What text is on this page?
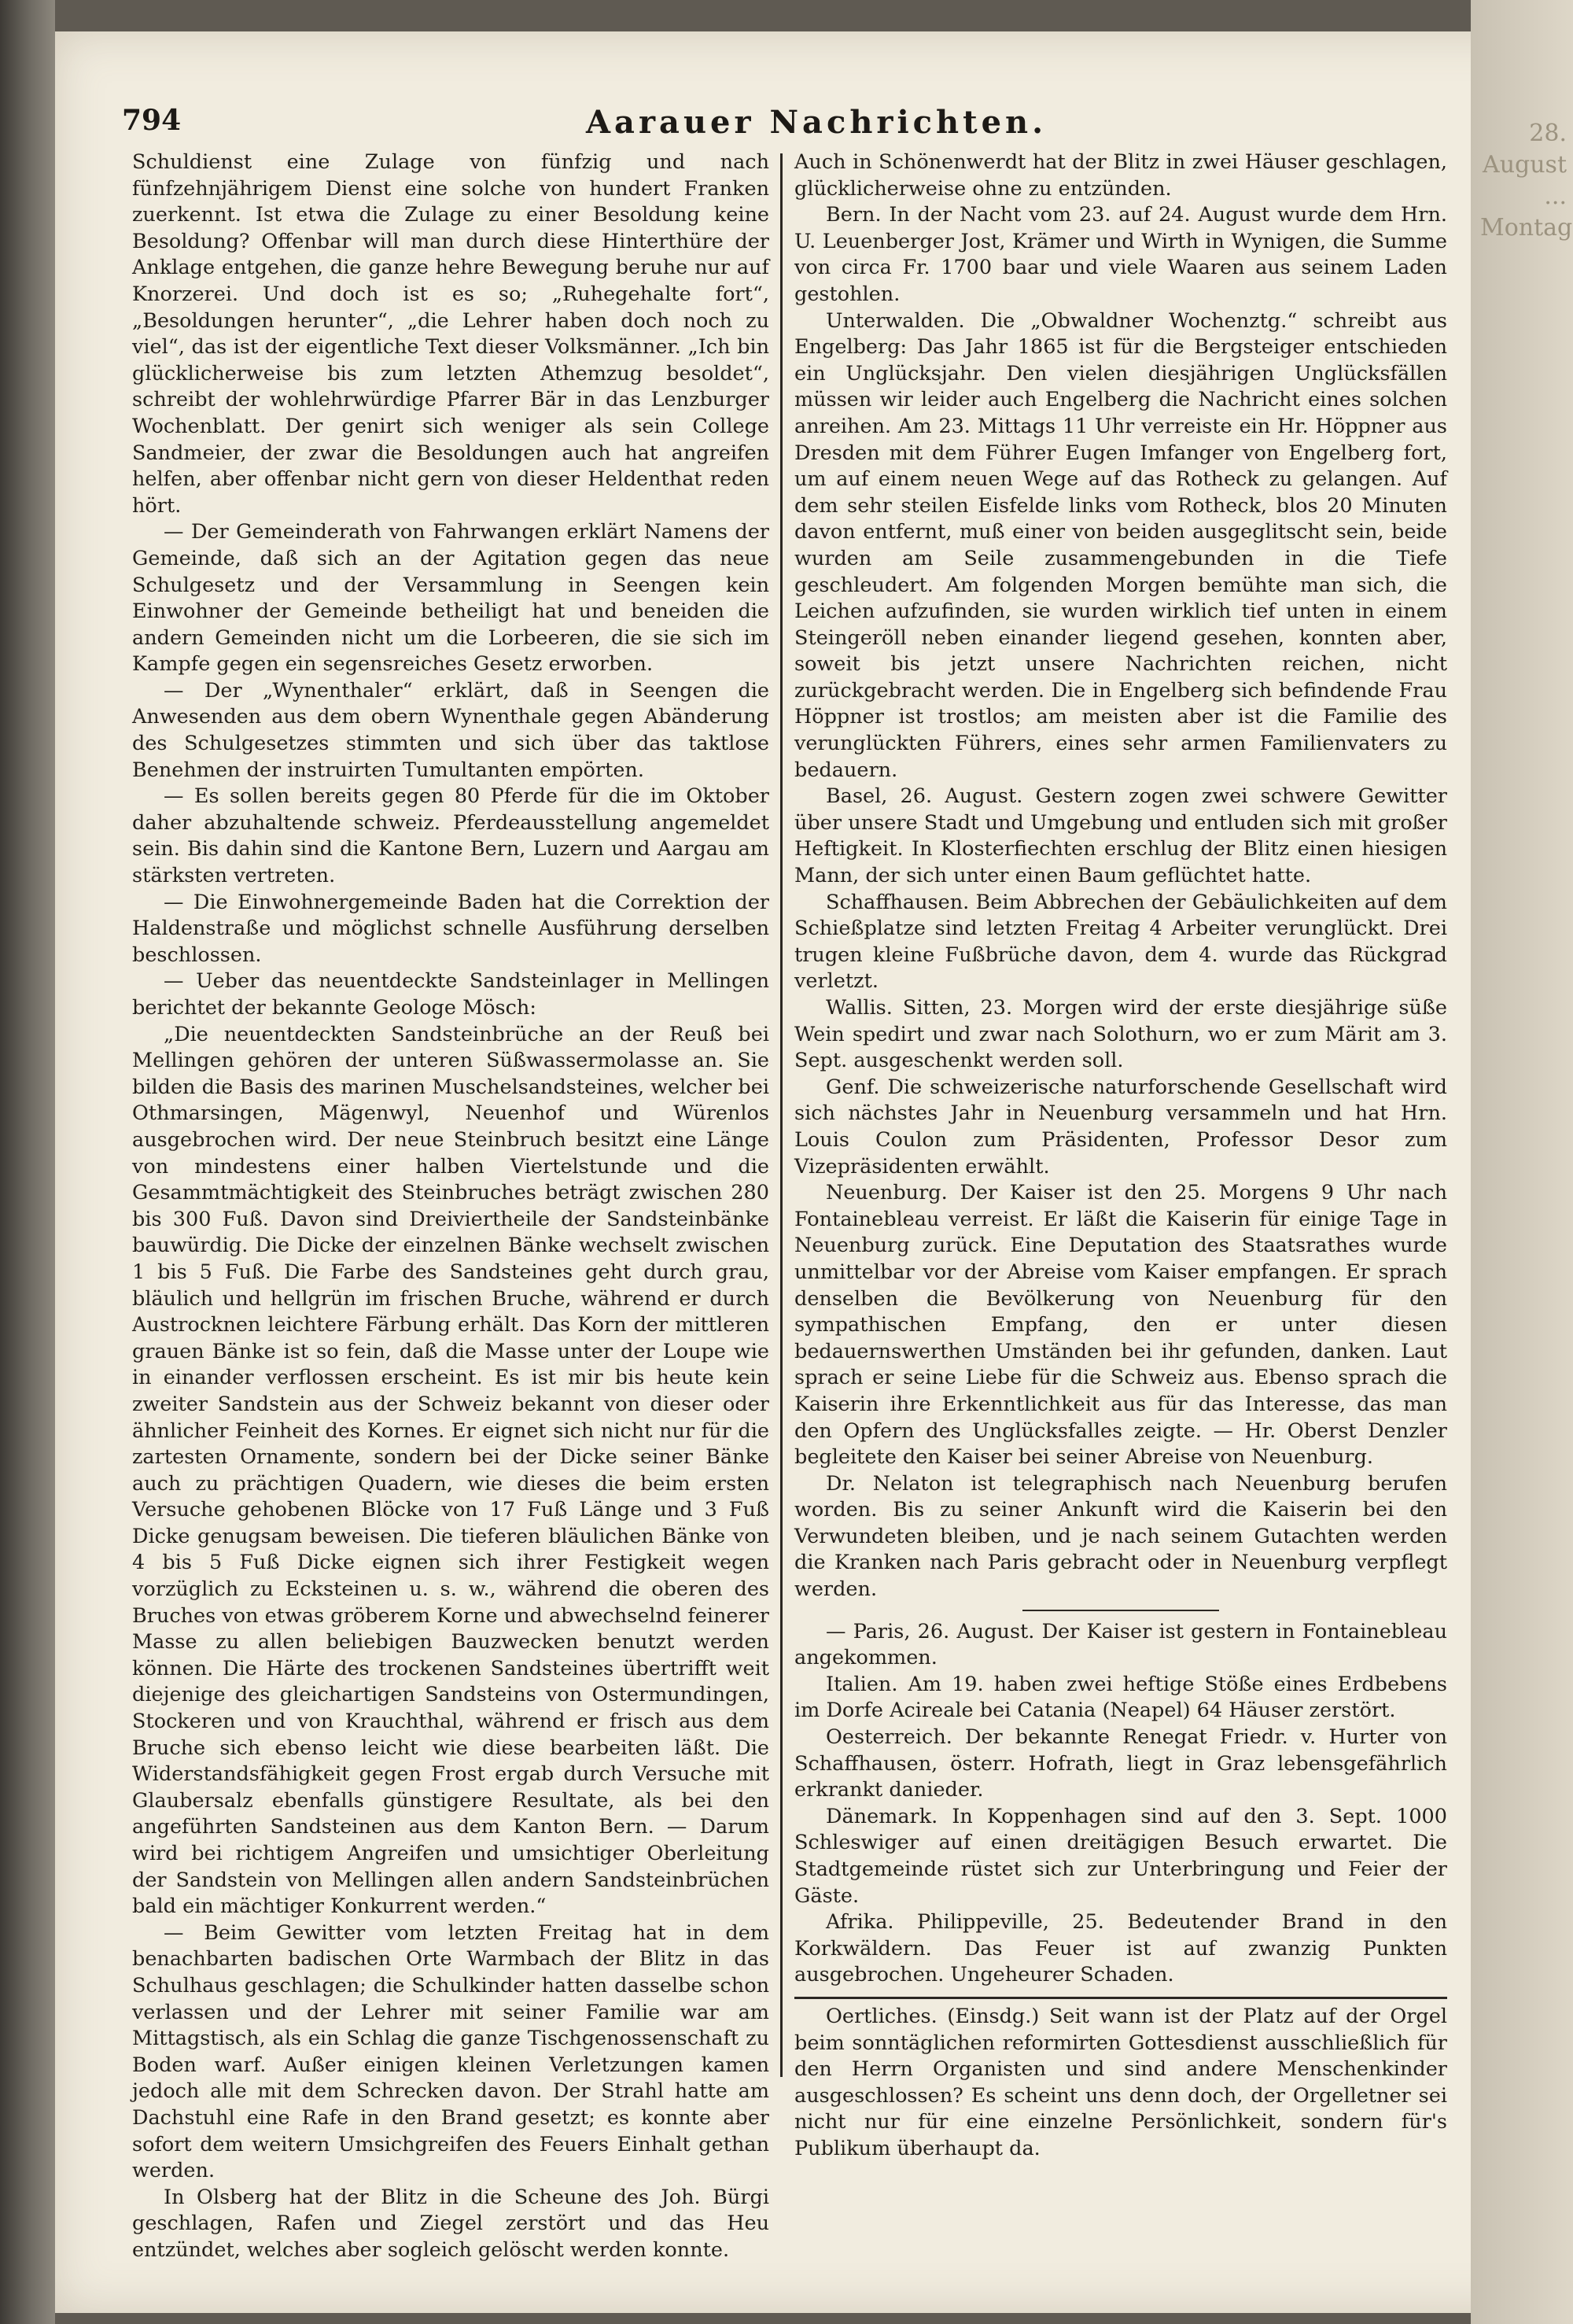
28. August ... Montag
794	Aarauer Nachrichten.

Schuldienst eine Zulage von fünfzig und nach fünfzehnjährigem Dienst eine solche von hundert Franken zuerkennt. Ist etwa die Zulage zu einer Besoldung keine Besoldung? Offenbar will man durch diese Hinterthüre der Anklage entgehen, die ganze hehre Bewegung beruhe nur auf Knorzerei. Und doch ist es so; „Ruhegehalte fort“, „Besoldungen herunter“, „die Lehrer haben doch noch zu viel“, das ist der eigentliche Text dieser Volksmänner. „Ich bin glücklicherweise bis zum letzten Athemzug besoldet“, schreibt der wohlehrwürdige Pfarrer Bär in das Lenzburger Wochenblatt. Der genirt sich weniger als sein College Sandmeier, der zwar die Besoldungen auch hat angreifen helfen, aber offenbar nicht gern von dieser Heldenthat reden hört.

— Der Gemeinderath von Fahrwangen erklärt Namens der Gemeinde, daß sich an der Agitation gegen das neue Schulgesetz und der Versammlung in Seengen kein Einwohner der Gemeinde betheiligt hat und beneiden die andern Gemeinden nicht um die Lorbeeren, die sie sich im Kampfe gegen ein segensreiches Gesetz erworben.

— Der „Wynenthaler“ erklärt, daß in Seengen die Anwesenden aus dem obern Wynenthale gegen Abänderung des Schulgesetzes stimmten und sich über das taktlose Benehmen der instruirten Tumultanten empörten.

— Es sollen bereits gegen 80 Pferde für die im Oktober daher abzuhaltende schweiz. Pferdeausstellung angemeldet sein. Bis dahin sind die Kantone Bern, Luzern und Aargau am stärksten vertreten.

— Die Einwohnergemeinde Baden hat die Correktion der Haldenstraße und möglichst schnelle Ausführung derselben beschlossen.

— Ueber das neuentdeckte Sandsteinlager in Mellingen berichtet der bekannte Geologe Mösch:

„Die neuentdeckten Sandsteinbrüche an der Reuß bei Mellingen gehören der unteren Süßwassermolasse an. Sie bilden die Basis des marinen Muschelsandsteines, welcher bei Othmarsingen, Mägenwyl, Neuenhof und Würenlos ausgebrochen wird. Der neue Steinbruch besitzt eine Länge von mindestens einer halben Viertelstunde und die Gesammtmächtigkeit des Steinbruches beträgt zwischen 280 bis 300 Fuß. Davon sind Dreiviertheile der Sandsteinbänke bauwürdig. Die Dicke der einzelnen Bänke wechselt zwischen 1 bis 5 Fuß. Die Farbe des Sandsteines geht durch grau, bläulich und hellgrün im frischen Bruche, während er durch Austrocknen leichtere Färbung erhält. Das Korn der mittleren grauen Bänke ist so fein, daß die Masse unter der Loupe wie in einander verflossen erscheint. Es ist mir bis heute kein zweiter Sandstein aus der Schweiz bekannt von dieser oder ähnlicher Feinheit des Kornes. Er eignet sich nicht nur für die zartesten Ornamente, sondern bei der Dicke seiner Bänke auch zu prächtigen Quadern, wie dieses die beim ersten Versuche gehobenen Blöcke von 17 Fuß Länge und 3 Fuß Dicke genugsam beweisen. Die tieferen bläulichen Bänke von 4 bis 5 Fuß Dicke eignen sich ihrer Festigkeit wegen vorzüglich zu Ecksteinen u. s. w., während die oberen des Bruches von etwas gröberem Korne und abwechselnd feinerer Masse zu allen beliebigen Bauzwecken benutzt werden können. Die Härte des trockenen Sandsteines übertrifft weit diejenige des gleichartigen Sandsteins von Ostermundingen, Stockeren und von Krauchthal, während er frisch aus dem Bruche sich ebenso leicht wie diese bearbeiten läßt. Die Widerstandsfähigkeit gegen Frost ergab durch Versuche mit Glaubersalz ebenfalls günstigere Resultate, als bei den angeführten Sandsteinen aus dem Kanton Bern. — Darum wird bei richtigem Angreifen und umsichtiger Oberleitung der Sandstein von Mellingen allen andern Sandsteinbrüchen bald ein mächtiger Konkurrent werden.“

— Beim Gewitter vom letzten Freitag hat in dem benachbarten badischen Orte Warmbach der Blitz in das Schulhaus geschlagen; die Schulkinder hatten dasselbe schon verlassen und der Lehrer mit seiner Familie war am Mittagstisch, als ein Schlag die ganze Tischgenossenschaft zu Boden warf. Außer einigen kleinen Verletzungen kamen jedoch alle mit dem Schrecken davon. Der Strahl hatte am Dachstuhl eine Rafe in den Brand gesetzt; es konnte aber sofort dem weitern Umsichgreifen des Feuers Einhalt gethan werden.

In Olsberg hat der Blitz in die Scheune des Joh. Bürgi geschlagen, Rafen und Ziegel zerstört und das Heu entzündet, welches aber sogleich gelöscht werden konnte.

Auch in Schönenwerdt hat der Blitz in zwei Häuser geschlagen, glücklicherweise ohne zu entzünden.

Bern. In der Nacht vom 23. auf 24. August wurde dem Hrn. U. Leuenberger Jost, Krämer und Wirth in Wynigen, die Summe von circa Fr. 1700 baar und viele Waaren aus seinem Laden gestohlen.

Unterwalden. Die „Obwaldner Wochenztg.“ schreibt aus Engelberg: Das Jahr 1865 ist für die Bergsteiger entschieden ein Unglücksjahr. Den vielen diesjährigen Unglücksfällen müssen wir leider auch Engelberg die Nachricht eines solchen anreihen. Am 23. Mittags 11 Uhr verreiste ein Hr. Höppner aus Dresden mit dem Führer Eugen Imfanger von Engelberg fort, um auf einem neuen Wege auf das Rotheck zu gelangen. Auf dem sehr steilen Eisfelde links vom Rotheck, blos 20 Minuten davon entfernt, muß einer von beiden ausgeglitscht sein, beide wurden am Seile zusammengebunden in die Tiefe geschleudert. Am folgenden Morgen bemühte man sich, die Leichen aufzufinden, sie wurden wirklich tief unten in einem Steingeröll neben einander liegend gesehen, konnten aber, soweit bis jetzt unsere Nachrichten reichen, nicht zurückgebracht werden. Die in Engelberg sich befindende Frau Höppner ist trostlos; am meisten aber ist die Familie des verunglückten Führers, eines sehr armen Familienvaters zu bedauern.

Basel, 26. August. Gestern zogen zwei schwere Gewitter über unsere Stadt und Umgebung und entluden sich mit großer Heftigkeit. In Klosterfiechten erschlug der Blitz einen hiesigen Mann, der sich unter einen Baum geflüchtet hatte.

Schaffhausen. Beim Abbrechen der Gebäulichkeiten auf dem Schießplatze sind letzten Freitag 4 Arbeiter verunglückt. Drei trugen kleine Fußbrüche davon, dem 4. wurde das Rückgrad verletzt.

Wallis. Sitten, 23. Morgen wird der erste diesjährige süße Wein spedirt und zwar nach Solothurn, wo er zum Märit am 3. Sept. ausgeschenkt werden soll.

Genf. Die schweizerische naturforschende Gesellschaft wird sich nächstes Jahr in Neuenburg versammeln und hat Hrn. Louis Coulon zum Präsidenten, Professor Desor zum Vizepräsidenten erwählt.

Neuenburg. Der Kaiser ist den 25. Morgens 9 Uhr nach Fontainebleau verreist. Er läßt die Kaiserin für einige Tage in Neuenburg zurück. Eine Deputation des Staatsrathes wurde unmittelbar vor der Abreise vom Kaiser empfangen. Er sprach denselben die Bevölkerung von Neuenburg für den sympathischen Empfang, den er unter diesen bedauernswerthen Umständen bei ihr gefunden, danken. Laut sprach er seine Liebe für die Schweiz aus. Ebenso sprach die Kaiserin ihre Erkenntlichkeit aus für das Interesse, das man den Opfern des Unglücksfalles zeigte. — Hr. Oberst Denzler begleitete den Kaiser bei seiner Abreise von Neuenburg.

Dr. Nelaton ist telegraphisch nach Neuenburg berufen worden. Bis zu seiner Ankunft wird die Kaiserin bei den Verwundeten bleiben, und je nach seinem Gutachten werden die Kranken nach Paris gebracht oder in Neuenburg verpflegt werden.

— Paris, 26. August. Der Kaiser ist gestern in Fontainebleau angekommen.

Italien. Am 19. haben zwei heftige Stöße eines Erdbebens im Dorfe Acireale bei Catania (Neapel) 64 Häuser zerstört.

Oesterreich. Der bekannte Renegat Friedr. v. Hurter von Schaffhausen, österr. Hofrath, liegt in Graz lebensgefährlich erkrankt danieder.

Dänemark. In Koppenhagen sind auf den 3. Sept. 1000 Schleswiger auf einen dreitägigen Besuch erwartet. Die Stadtgemeinde rüstet sich zur Unterbringung und Feier der Gäste.

Afrika. Philippeville, 25. Bedeutender Brand in den Korkwäldern. Das Feuer ist auf zwanzig Punkten ausgebrochen. Ungeheurer Schaden.

Oertliches. (Einsdg.) Seit wann ist der Platz auf der Orgel beim sonntäglichen reformirten Gottesdienst ausschließlich für den Herrn Organisten und sind andere Menschenkinder ausgeschlossen? Es scheint uns denn doch, der Orgelletner sei nicht nur für eine einzelne Persönlichkeit, sondern für's Publikum überhaupt da.
